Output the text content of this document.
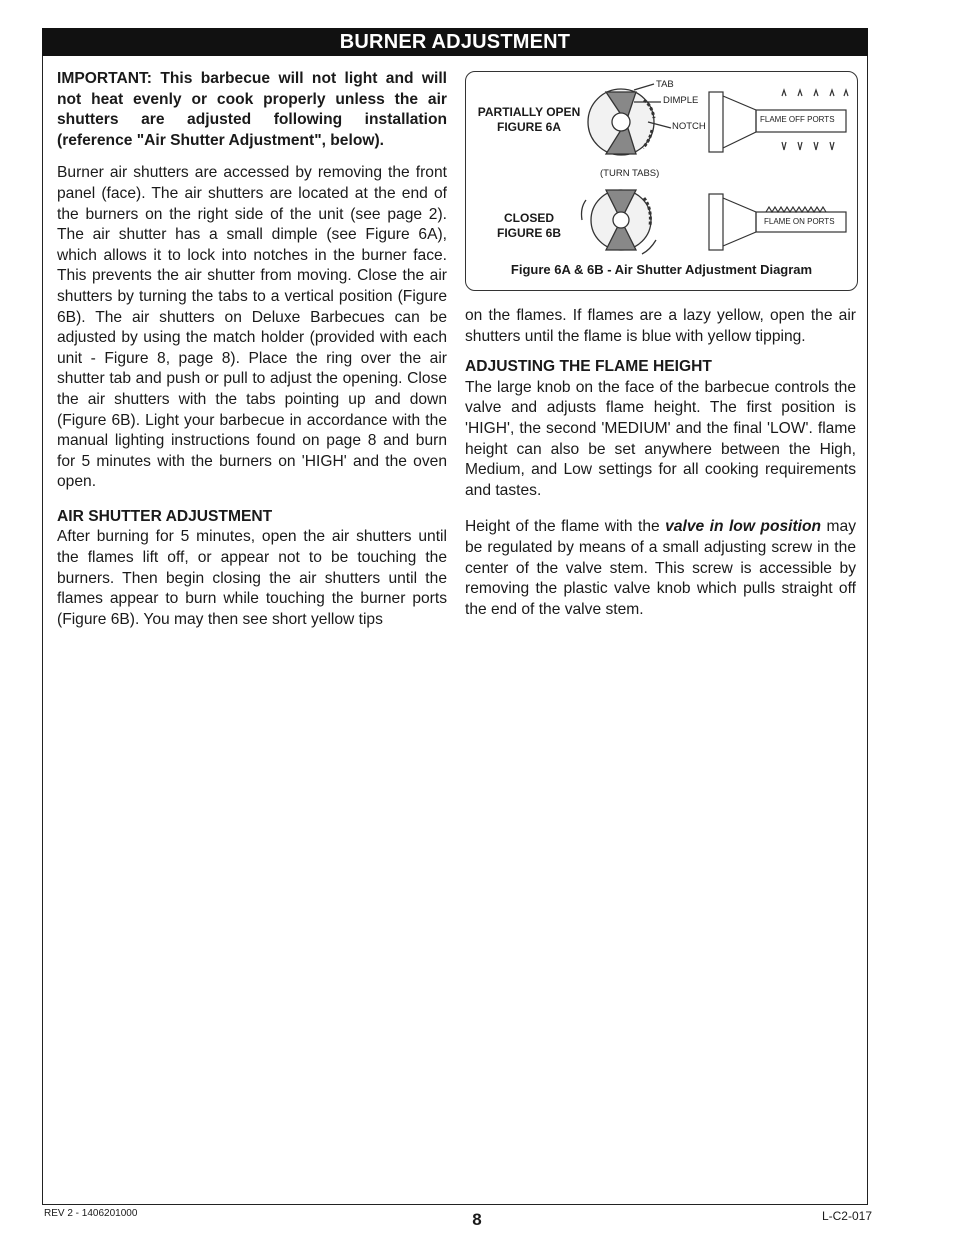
BURNER ADJUSTMENT

IMPORTANT: This barbecue will not light and will not heat evenly or cook properly unless the air shutters are adjusted following installation (reference "Air Shutter Adjustment", below).

Burner air shutters are accessed by removing the front panel (face). The air shutters are located at the end of the burners on the right side of the unit (see page 2). The air shutter has a small dimple (see Figure 6A), which allows it to lock into notches in the burner face. This prevents the air shutter from moving. Close the air shutters by turning the tabs to a vertical position (Figure 6B). The air shutters on Deluxe Barbecues can be adjusted by using the match holder (provided with each unit - Figure 8, page 8). Place the ring over the air shutter tab and push or pull to adjust the opening. Close the air shutters with the tabs pointing up and down (Figure 6B). Light your barbecue in accordance with the manual lighting instructions found on page 8 and burn for 5 minutes with the burners on 'HIGH' and the oven open.

AIR SHUTTER ADJUSTMENT

After burning for 5 minutes, open the air shutters until the flames lift off, or appear not to be touching the burners. Then begin closing the air shutters until the flames appear to burn while touching the burner ports (Figure 6B). You may then see short yellow tips

PARTIALLY OPEN
FIGURE 6A
CLOSED
FIGURE 6B
TAB
DIMPLE
NOTCH
(TURN TABS)
FLAME OFF PORTS
FLAME ON PORTS
Figure 6A & 6B - Air Shutter Adjustment Diagram

on the flames. If flames are a lazy yellow, open the air shutters until the flame is blue with yellow tipping.

ADJUSTING THE FLAME HEIGHT

The large knob on the face of the barbecue controls the valve and adjusts flame height. The first position is 'HIGH', the second 'MEDIUM' and the final 'LOW'. flame height can also be set anywhere between the High, Medium, and Low settings for all cooking requirements and tastes.

Height of the flame with the valve in low position may be regulated by means of a small adjusting screw in the center of the valve stem. This screw is accessible by removing the plastic valve knob which pulls straight off the end of the valve stem.

REV 2 - 1406201000	8	L-C2-017
